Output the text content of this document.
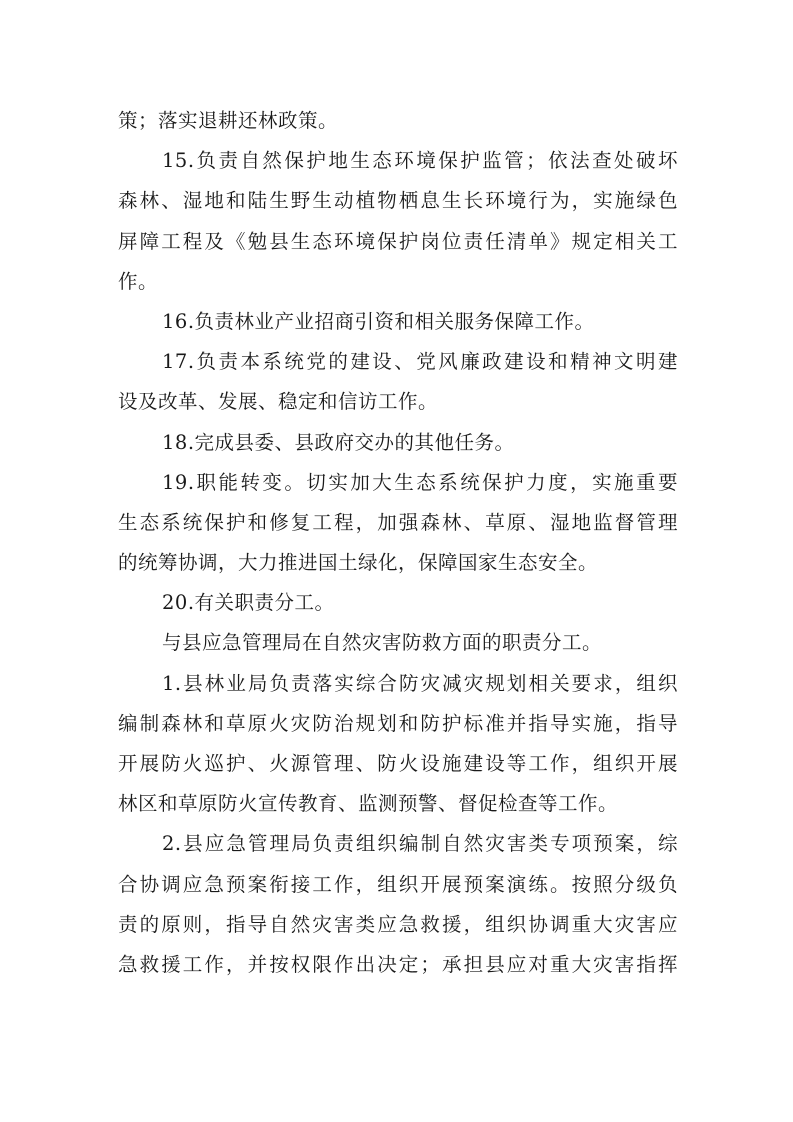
策；落实退耕还林政策。
15.负责自然保护地生态环境保护监管；依法查处破坏
森林、湿地和陆生野生动植物栖息生长环境行为，实施绿色
屏障工程及《勉县生态环境保护岗位责任清单》规定相关工
作。
16.负责林业产业招商引资和相关服务保障工作。
17.负责本系统党的建设、党风廉政建设和精神文明建
设及改革、发展、稳定和信访工作。
18.完成县委、县政府交办的其他任务。
19.职能转变。切实加大生态系统保护力度，实施重要
生态系统保护和修复工程，加强森林、草原、湿地监督管理
的统筹协调，大力推进国土绿化，保障国家生态安全。
20.有关职责分工。
与县应急管理局在自然灾害防救方面的职责分工。
1.县林业局负责落实综合防灾减灾规划相关要求，组织
编制森林和草原火灾防治规划和防护标准并指导实施，指导
开展防火巡护、火源管理、防火设施建设等工作，组织开展
林区和草原防火宣传教育、监测预警、督促检查等工作。
2.县应急管理局负责组织编制自然灾害类专项预案，综
合协调应急预案衔接工作，组织开展预案演练。按照分级负
责的原则，指导自然灾害类应急救援，组织协调重大灾害应
急救援工作，并按权限作出决定；承担县应对重大灾害指挥
